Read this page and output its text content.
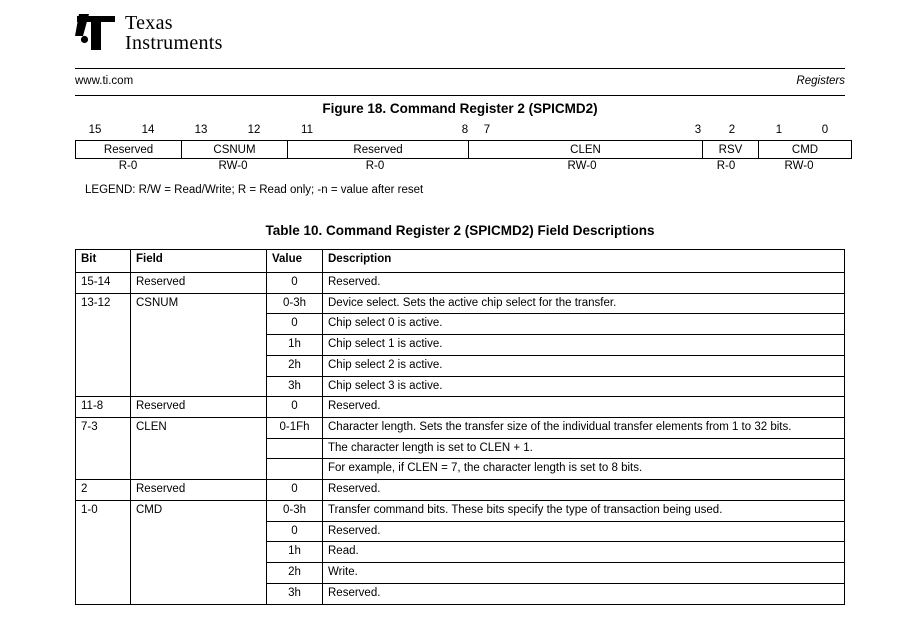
Texas
Instruments
www.ti.com	Registers
Figure 18. Command Register 2 (SPICMD2)
15	14	13	12	11	8 7	3 2	1	0
Reserved	CSNUM	Reserved	CLEN	RSV	CMD
R-0	RW-0	R-0	RW-0	R-0	RW-0
LEGEND: R/W = Read/Write; R = Read only; -n = value after reset
Table 10. Command Register 2 (SPICMD2) Field Descriptions
Bit	Field	Value	Description
15-14	Reserved	0	Reserved.
13-12	CSNUM	0-3h	Device select. Sets the active chip select for the transfer.
		0	Chip select 0 is active.
		1h	Chip select 1 is active.
		2h	Chip select 2 is active.
		3h	Chip select 3 is active.
11-8	Reserved	0	Reserved.
7-3	CLEN	0-1Fh	Character length. Sets the transfer size of the individual transfer elements from 1 to 32 bits.
			The character length is set to CLEN + 1.
			For example, if CLEN = 7, the character length is set to 8 bits.
2	Reserved	0	Reserved.
1-0	CMD	0-3h	Transfer command bits. These bits specify the type of transaction being used.
		0	Reserved.
		1h	Read.
		2h	Write.
		3h	Reserved.
